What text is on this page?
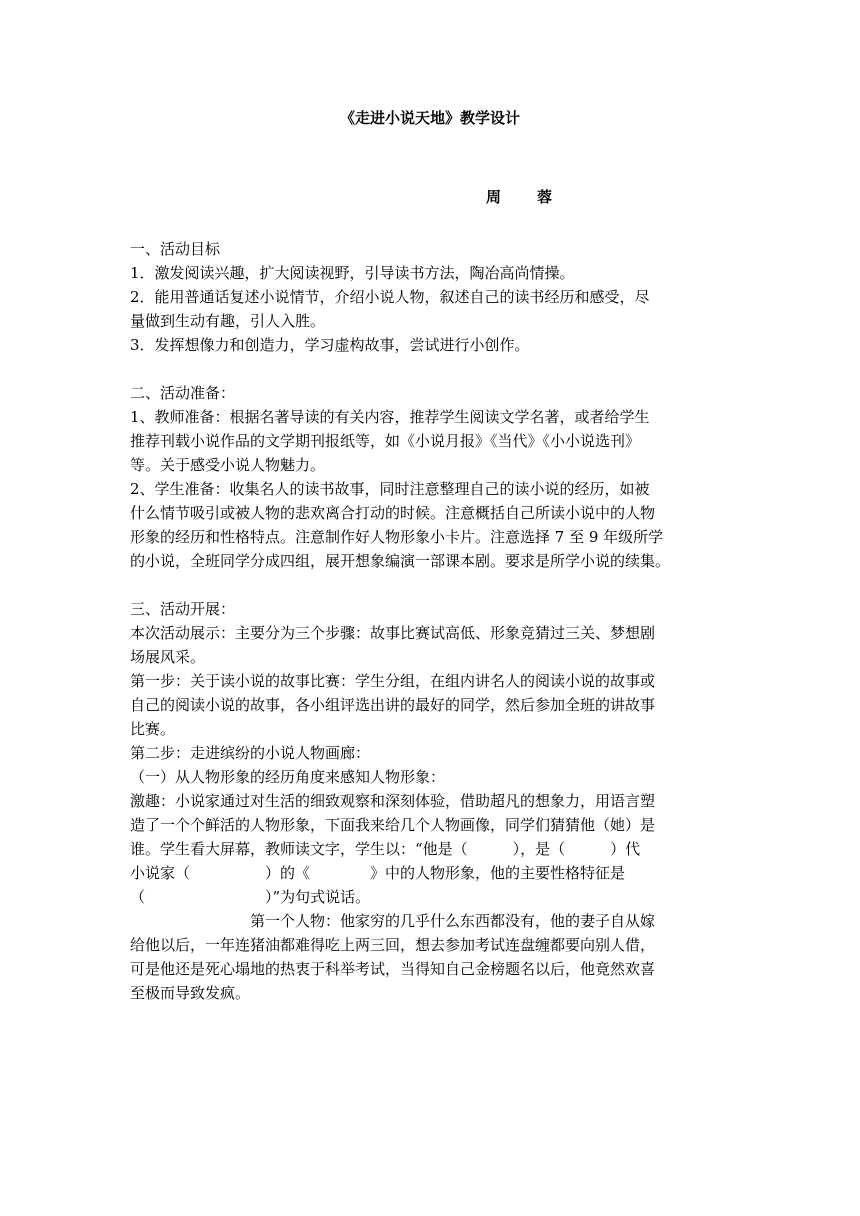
《走进小说天地》教学设计
周　　蓉
一、活动目标
1．激发阅读兴趣，扩大阅读视野，引导读书方法，陶冶高尚情操。
2．能用普通话复述小说情节，介绍小说人物，叙述自己的读书经历和感受，尽
量做到生动有趣，引人入胜。
3．发挥想像力和创造力，学习虚构故事，尝试进行小创作。
二、活动准备：
1、教师准备：根据名著导读的有关内容，推荐学生阅读文学名著，或者给学生
推荐刊载小说作品的文学期刊报纸等，如《小说月报》《当代》《小小说选刊》
等。关于感受小说人物魅力。
2、学生准备：收集名人的读书故事，同时注意整理自己的读小说的经历，如被
什么情节吸引或被人物的悲欢离合打动的时候。注意概括自己所读小说中的人物
形象的经历和性格特点。注意制作好人物形象小卡片。注意选择 7 至 9 年级所学
的小说，全班同学分成四组，展开想象编演一部课本剧。要求是所学小说的续集。
三、活动开展：
本次活动展示：主要分为三个步骤：故事比赛试高低、形象竞猜过三关、梦想剧
场展风采。
第一步：关于读小说的故事比赛：学生分组，在组内讲名人的阅读小说的故事或
自己的阅读小说的故事，各小组评选出讲的最好的同学，然后参加全班的讲故事
比赛。
第二步：走进缤纷的小说人物画廊：
（一）从人物形象的经历角度来感知人物形象：
激趣：小说家通过对生活的细致观察和深刻体验，借助超凡的想象力，用语言塑
造了一个个鲜活的人物形象，下面我来给几个人物画像，同学们猜猜他（她）是
谁。学生看大屏幕，教师读文字，学生以：“他是（　　　），是（　　　）代
小说家（　　　　　）的《　　　　》中的人物形象，他的主要性格特征是
（　　　　　　　　）”为句式说话。
　　　　　　　　第一个人物：他家穷的几乎什么东西都没有，他的妻子自从嫁
给他以后，一年连猪油都难得吃上两三回，想去参加考试连盘缠都要向别人借，
可是他还是死心塌地的热衷于科举考试，当得知自己金榜题名以后，他竟然欢喜
至极而导致发疯。
